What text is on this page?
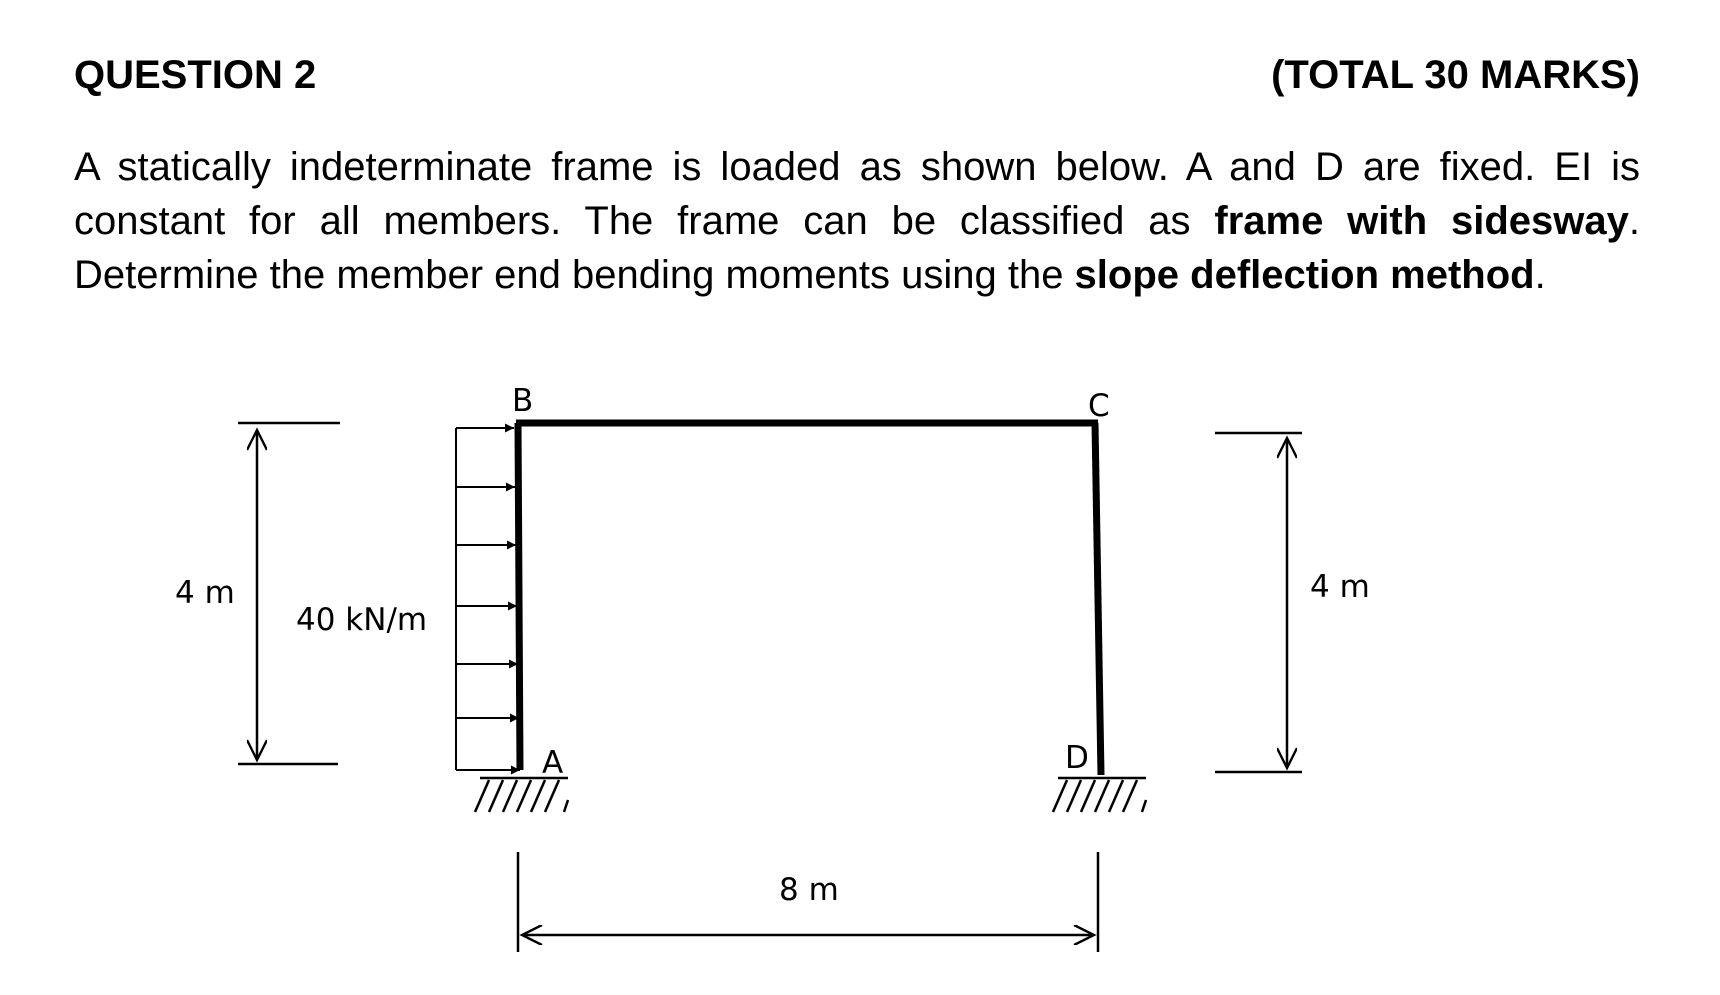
QUESTION 2	(TOTAL 30 MARKS)
A statically indeterminate frame is loaded as shown below. A and D are fixed. EI is constant for all members. The frame can be classified as frame with sidesway. Determine the member end bending moments using the slope deflection method.
B	C
A	D
40 kN/m
4 m	4 m
8 m
